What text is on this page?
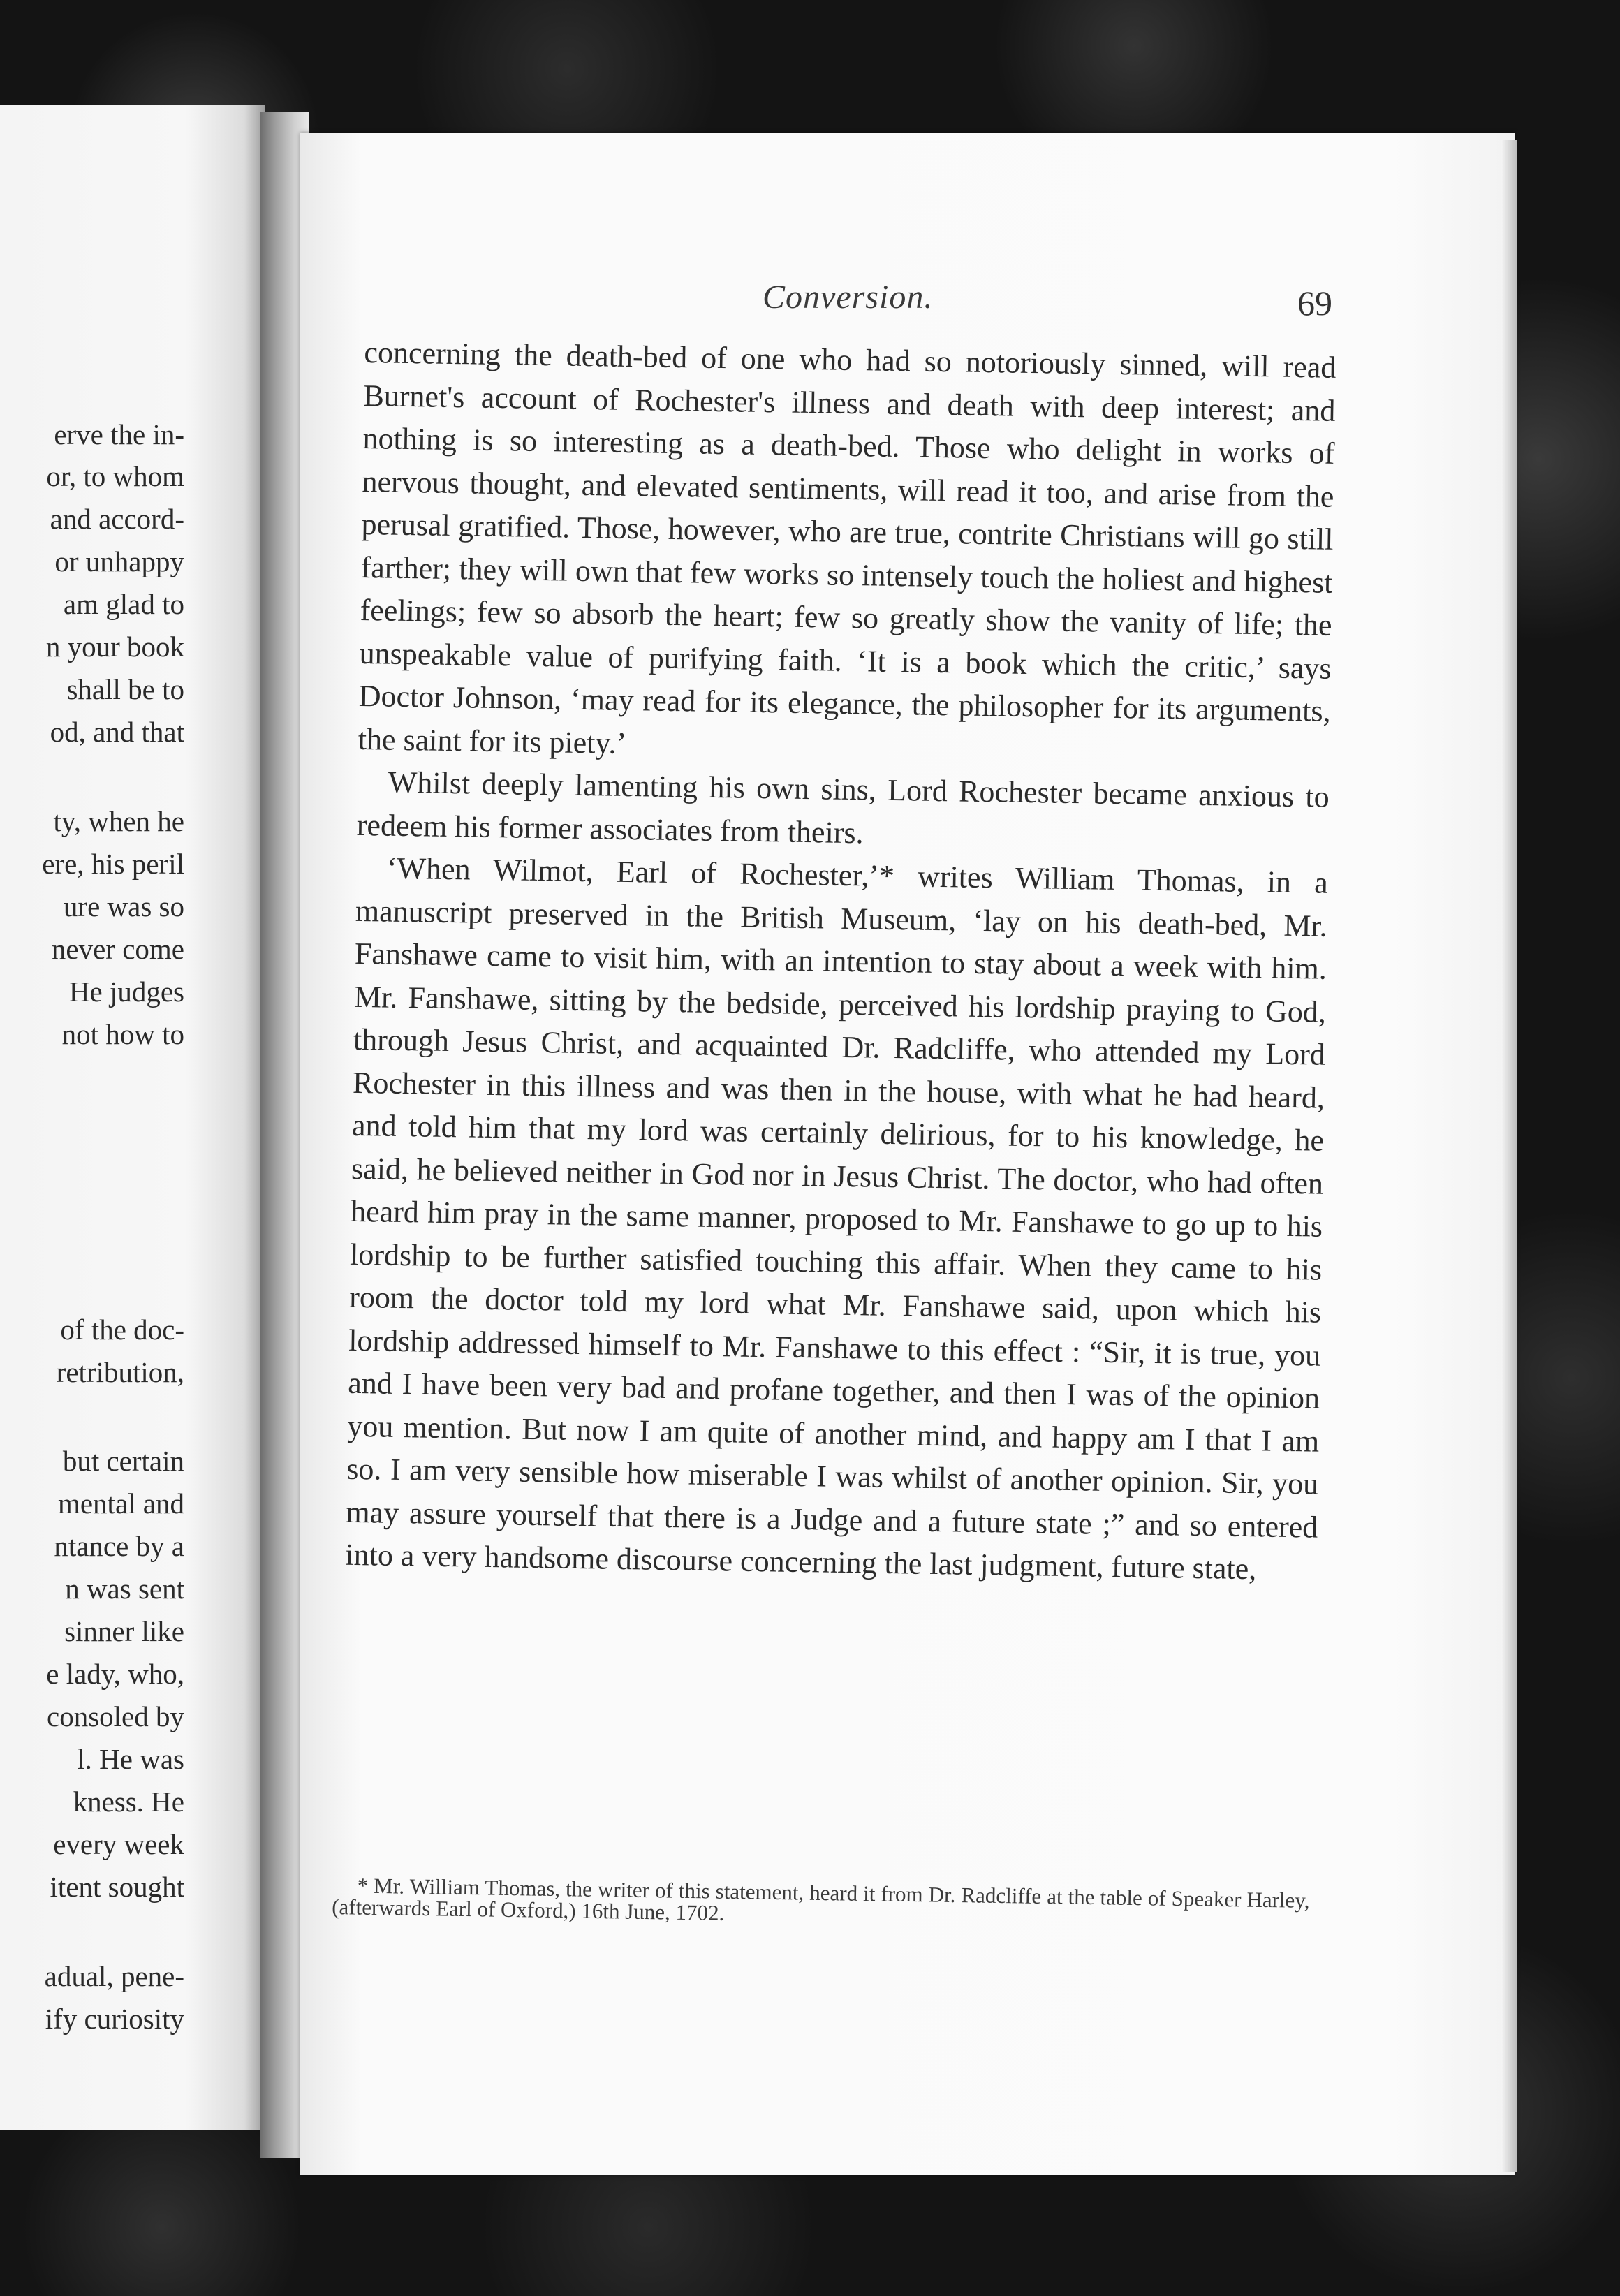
erve the in-
or, to whom
and accord-
or unhappy
am glad to
n your book
shall be to
od, and that
ty, when he
ere, his peril
ure was so
never come
He judges
not how to
of the doc-
retribution,
but certain
mental and
ntance by a
n was sent
sinner like
e lady, who,
consoled by
l. He was
kness. He
every week
itent sought
adual, pene-
ify curiosity
Conversion.	69

concerning the death-bed of one who had so notoriously sinned, will read Burnet's account of Rochester's illness and death with deep interest; and nothing is so interesting as a death-bed. Those who delight in works of nervous thought, and elevated sentiments, will read it too, and arise from the perusal gratified. Those, however, who are true, contrite Christians will go still farther; they will own that few works so intensely touch the holiest and highest feelings; few so absorb the heart; few so greatly show the vanity of life; the unspeakable value of purifying faith. ‘It is a book which the critic,’ says Doctor Johnson, ‘may read for its elegance, the philosopher for its arguments, the saint for its piety.’

Whilst deeply lamenting his own sins, Lord Rochester became anxious to redeem his former associates from theirs.

‘When Wilmot, Earl of Rochester,’* writes William Thomas, in a manuscript preserved in the British Museum, ‘lay on his death-bed, Mr. Fanshawe came to visit him, with an intention to stay about a week with him. Mr. Fanshawe, sitting by the bedside, perceived his lordship praying to God, through Jesus Christ, and acquainted Dr. Radcliffe, who attended my Lord Rochester in this illness and was then in the house, with what he had heard, and told him that my lord was certainly delirious, for to his knowledge, he said, he believed neither in God nor in Jesus Christ. The doctor, who had often heard him pray in the same manner, proposed to Mr. Fanshawe to go up to his lordship to be further satisfied touching this affair. When they came to his room the doctor told my lord what Mr. Fanshawe said, upon which his lordship addressed himself to Mr. Fanshawe to this effect : “Sir, it is true, you and I have been very bad and profane together, and then I was of the opinion you mention. But now I am quite of another mind, and happy am I that I am so. I am very sensible how miserable I was whilst of another opinion. Sir, you may assure yourself that there is a Judge and a future state ;” and so entered into a very handsome discourse concerning the last judgment, future state,

* Mr. William Thomas, the writer of this statement, heard it from Dr. Radcliffe at the table of Speaker Harley, (afterwards Earl of Oxford,) 16th June, 1702.
